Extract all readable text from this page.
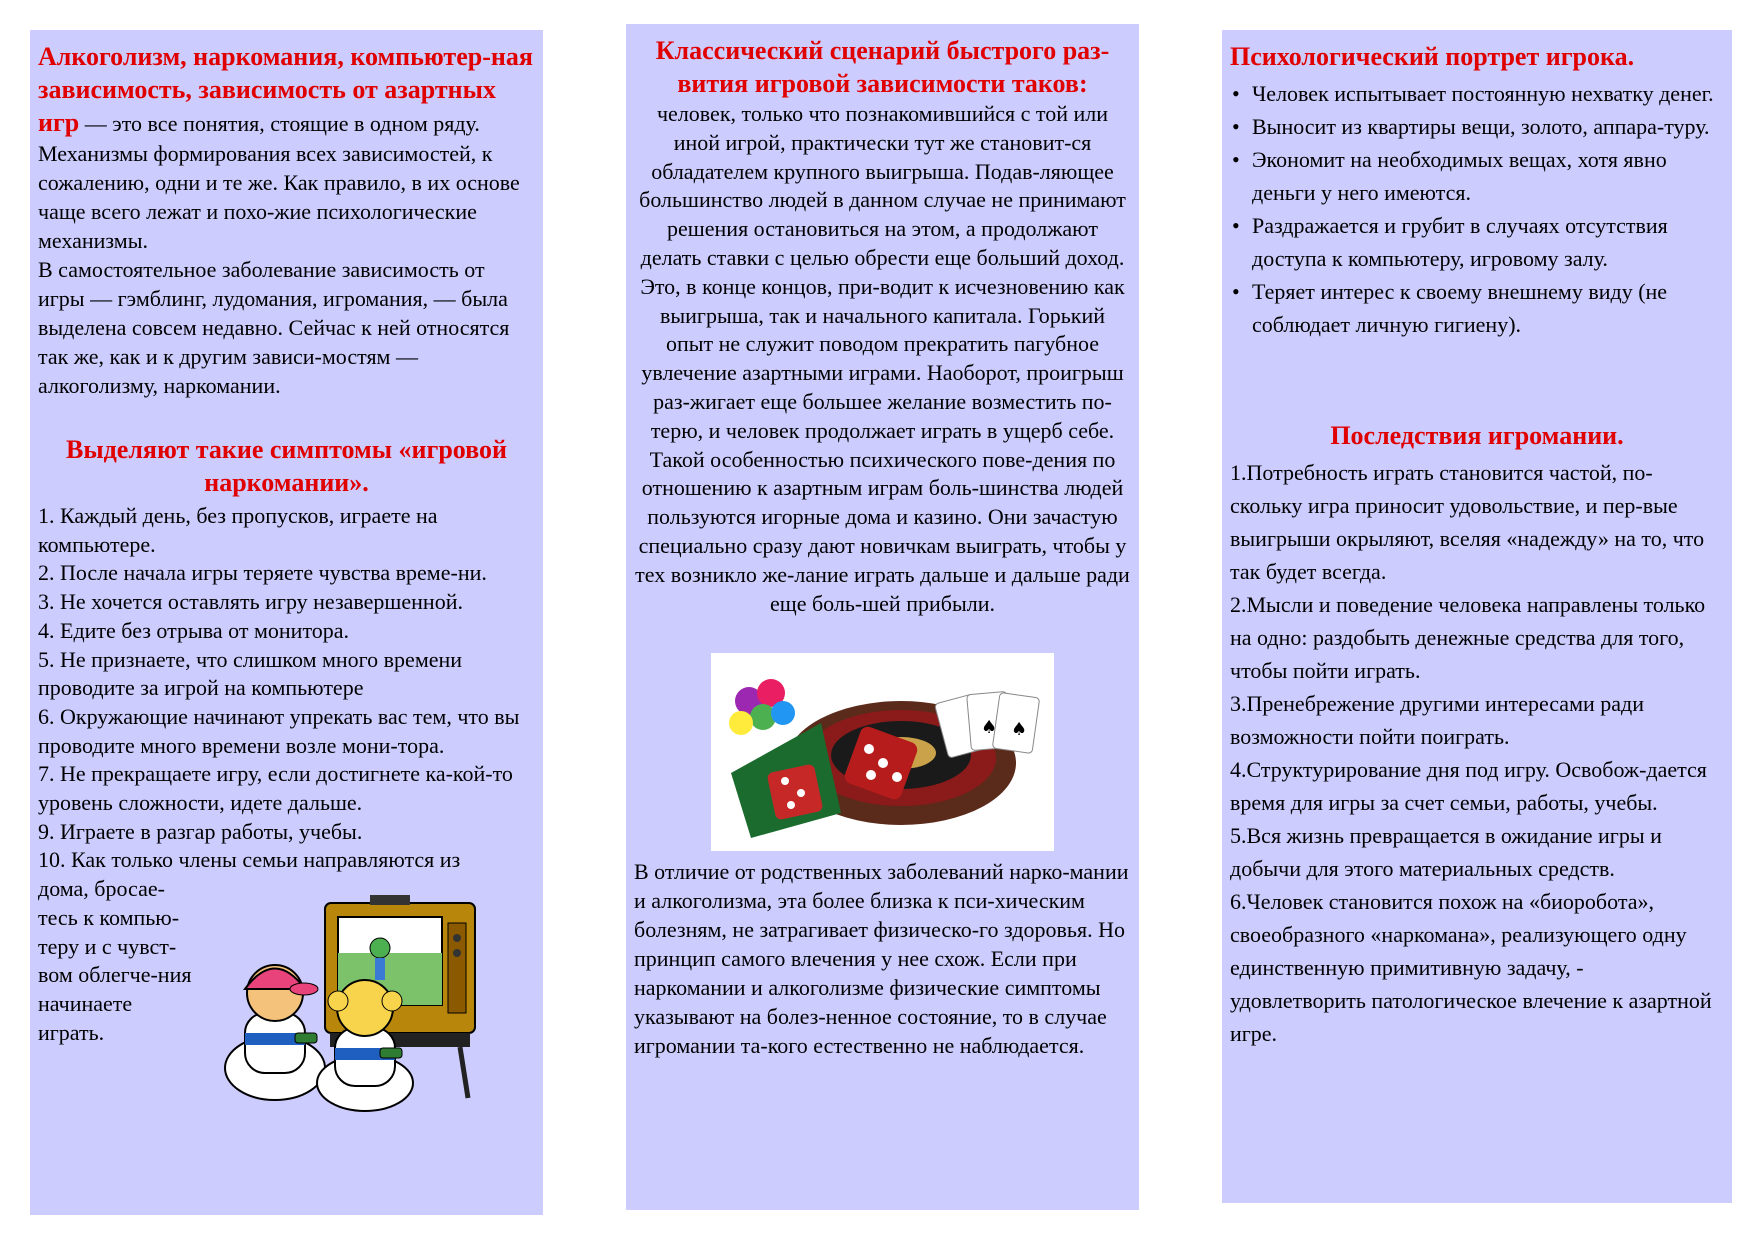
Алкоголизм, наркомания, компьютер-ная зависимость, зависимость от азартных игр — это все понятия, стоящие в одном ряду. Механизмы формирования всех зависимостей, к сожалению, одни и те же. Как правило, в их основе чаще всего лежат и похо-жие психологические механизмы.

В самостоятельное заболевание зависимость от игры — гэмблинг, лудомания, игромания, — была выделена совсем недавно. Сейчас к ней относятся так же, как и к другим зависи-мостям — алкоголизму, наркомании.

Выделяют такие симптомы «игровой наркомании».

1. Каждый день, без пропусков, играете на компьютере.
2. После начала игры теряете чувства време-ни.
3. Не хочется оставлять игру незавершенной.
4. Едите без отрыва от монитора.
5. Не признаете, что слишком много времени проводите за игрой на компьютере
6. Окружающие начинают упрекать вас тем, что вы проводите много времени возле мони-тора.
7. Не прекращаете игру, если достигнете ка-кой-то уровень сложности, идете дальше.
9. Играете в разгар работы, учебы.
10. Как только члены семьи направляются из
дома, бросае-тесь к компью-теру и с чувст-вом облегче-ния начинаете играть.

Классический сценарий быстрого раз-вития игровой зависимости таков:

человек, только что познакомившийся с той или иной игрой, практически тут же становит-ся обладателем крупного выигрыша. Подав-ляющее большинство людей в данном случае не принимают решения остановиться на этом, а продолжают делать ставки с целью обрести еще больший доход. Это, в конце концов, при-водит к исчезновению как выигрыша, так и начального капитала. Горький опыт не служит поводом прекратить пагубное увлечение азартными играми. Наоборот, проигрыш раз-жигает еще большее желание возместить по-терю, и человек продолжает играть в ущерб себе. Такой особенностью психического пове-дения по отношению к азартным играм боль-шинства людей пользуются игорные дома и казино. Они зачастую специально сразу дают новичкам выиграть, чтобы у тех возникло же-лание играть дальше и дальше ради еще боль-шей прибыли.

♠ ♠

В отличие от родственных заболеваний нарко-мании и алкоголизма, эта более близка к пси-хическим болезням, не затрагивает физическо-го здоровья. Но принцип самого влечения у нее схож. Если при наркомании и алкоголизме физические симптомы указывают на болез-ненное состояние, то в случае игромании та-кого естественно не наблюдается.

Психологический портрет игрока.

• Человек испытывает постоянную нехватку денег.
• Выносит из квартиры вещи, золото, аппара-туру.
• Экономит на необходимых вещах, хотя явно деньги у него имеются.
• Раздражается и грубит в случаях отсутствия доступа к компьютеру, игровому залу.
• Теряет интерес к своему внешнему виду (не соблюдает личную гигиену).

Последствия игромании.

1.Потребность играть становится частой, по-скольку игра приносит удовольствие, и пер-вые выигрыши окрыляют, вселяя «надежду» на то, что так будет всегда.
2.Мысли и поведение человека направлены только на одно: раздобыть денежные средства для того, чтобы пойти играть.
3.Пренебрежение другими интересами ради возможности пойти поиграть.
4.Структурирование дня под игру. Освобож-дается время для игры за счет семьи, работы, учебы.
5.Вся жизнь превращается в ожидание игры и добычи для этого материальных средств.
6.Человек становится похож на «биоробота», своеобразного «наркомана», реализующего одну единственную примитивную задачу, - удовлетворить патологическое влечение к азартной игре.
